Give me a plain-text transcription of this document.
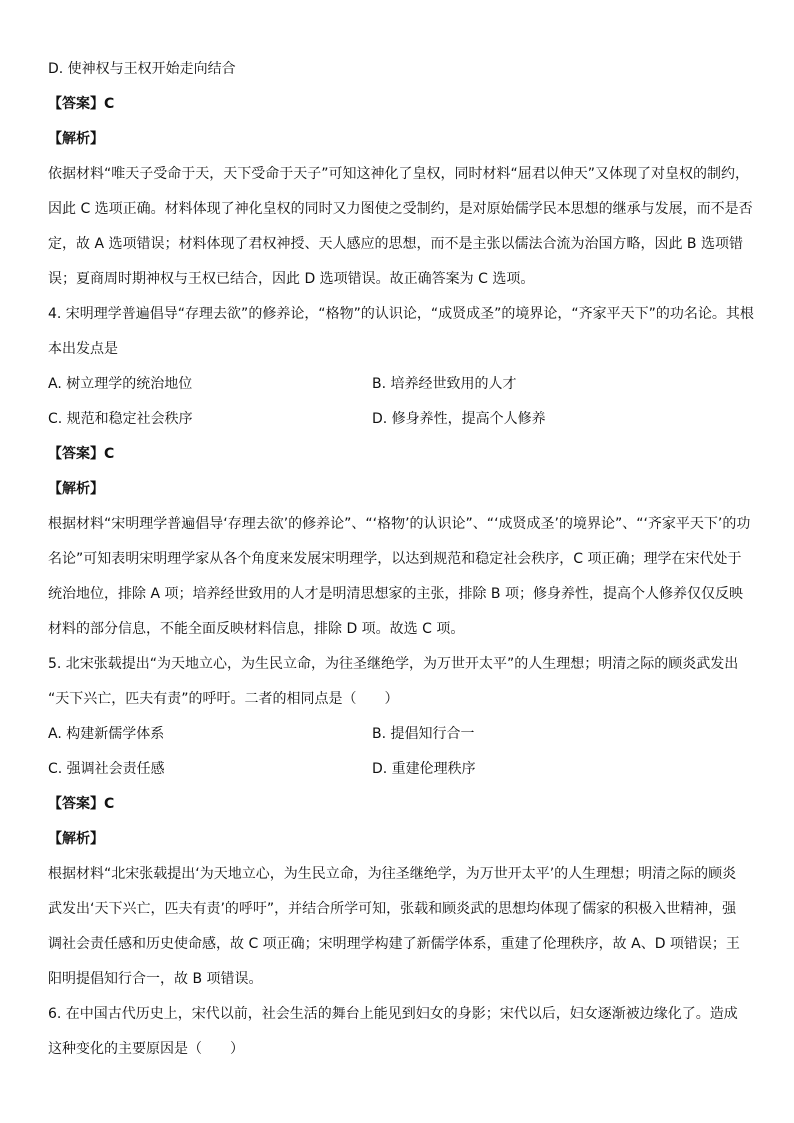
D. 使神权与王权开始走向结合

【答案】C

【解析】

依据材料“唯天子受命于天，天下受命于天子”可知这神化了皇权，同时材料“屈君以伸天”又体现了对皇权的制约，

因此 C 选项正确。材料体现了神化皇权的同时又力图使之受制约，是对原始儒学民本思想的继承与发展，而不是否

定，故 A 选项错误；材料体现了君权神授、天人感应的思想，而不是主张以儒法合流为治国方略，因此 B 选项错

误；夏商周时期神权与王权已结合，因此 D 选项错误。故正确答案为 C 选项。

4. 宋明理学普遍倡导“存理去欲”的修养论，“格物”的认识论，“成贤成圣”的境界论，“齐家平天下”的功名论。其根

本出发点是

A. 树立理学的统治地位	B. 培养经世致用的人才
C. 规范和稳定社会秩序	D. 修身养性，提高个人修养

【答案】C

【解析】

根据材料“宋明理学普遍倡导‘存理去欲’的修养论”、“‘格物’的认识论”、“‘成贤成圣’的境界论”、“‘齐家平天下’的功

名论”可知表明宋明理学家从各个角度来发展宋明理学，以达到规范和稳定社会秩序，C 项正确；理学在宋代处于

统治地位，排除 A 项；培养经世致用的人才是明清思想家的主张，排除 B 项；修身养性，提高个人修养仅仅反映

材料的部分信息，不能全面反映材料信息，排除 D 项。故选 C 项。

5. 北宋张载提出“为天地立心，为生民立命，为往圣继绝学，为万世开太平”的人生理想；明清之际的顾炎武发出

“天下兴亡，匹夫有责”的呼吁。二者的相同点是（　　）

A. 构建新儒学体系	B. 提倡知行合一
C. 强调社会责任感	D. 重建伦理秩序

【答案】C

【解析】

根据材料“北宋张载提出‘为天地立心，为生民立命，为往圣继绝学，为万世开太平’的人生理想；明清之际的顾炎

武发出‘天下兴亡，匹夫有责’的呼吁”，并结合所学可知，张载和顾炎武的思想均体现了儒家的积极入世精神，强

调社会责任感和历史使命感，故 C 项正确；宋明理学构建了新儒学体系，重建了伦理秩序，故 A、D 项错误；王

阳明提倡知行合一，故 B 项错误。

6. 在中国古代历史上，宋代以前，社会生活的舞台上能见到妇女的身影；宋代以后，妇女逐渐被边缘化了。造成

这种变化的主要原因是（　　）
